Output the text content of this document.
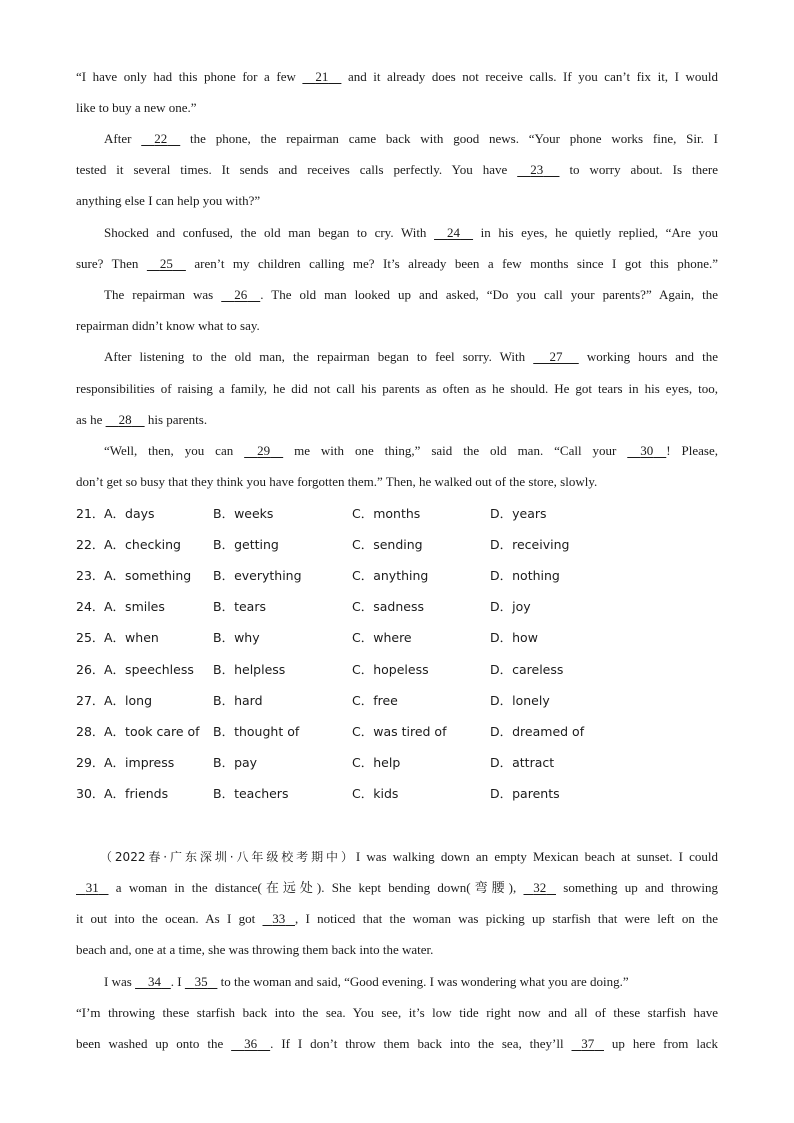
“I have only had this phone for a few     21     and it already does not receive calls. If you can’t fix it, I would
like to buy a new one.”
After     22     the phone, the repairman came back with good news. “Your phone works fine, Sir. I
tested it several times. It sends and receives calls perfectly. You have     23      to worry about. Is there
anything else I can help you with?”
Shocked and confused, the old man began to cry. With     24     in his eyes, he quietly replied, “Are you
sure? Then     25     aren’t my children calling me? It’s already been a few months since I got this phone.”
The repairman was     26 . The old man looked up and asked, “Do you call your parents?” Again, the
repairman didn’t know what to say.
After listening to the old man, the repairman began to feel sorry. With      27      working hours and the
responsibilities of raising a family, he did not call his parents as often as he should. He got tears in his eyes, too,
as he     28     his parents.
“Well, then, you can     29     me with one thing,” said the old man. “Call your     30 ! Please,
don’t get so busy that they think you have forgotten them.” Then, he walked out of the store, slowly.
21． A．days	B．weeks	C．months	D．years
22． A．checking	B．getting	C．sending	D．receiving
23． A．something B．everything	C．anything	D．nothing
24． A．smiles	B．tears	C．sadness	D．joy
25． A．when	B．why	C．where	D．how
26． A．speechless B．helpless	C．hopeless	D．careless
27． A．long	B．hard	C．free	D．lonely
28． A．took care of B．thought of	C．was tired of	D．dreamed of
29． A．impress	B．pay	C．help	D．attract
30． A．friends	B．teachers	C．kids	D．parents
（2022春·广东深圳·八年级校考期中）I was walking down an empty Mexican beach at sunset. I could
31    a woman in the distance(在远处). She kept bending down(弯腰),    32    something up and throwing
it out into the ocean. As I got    33 , I noticed that the woman was picking up starfish that were left on the
beach and, one at a time, she was throwing them back into the water.
I was     34 . I    35    to the woman and said, “Good evening. I was wondering what you are doing.”
“I’m throwing these starfish back into the sea. You see, it’s low tide right now and all of these starfish have
been washed up onto the     36 . If I don’t throw them back into the sea, they’ll    37    up here from lack
